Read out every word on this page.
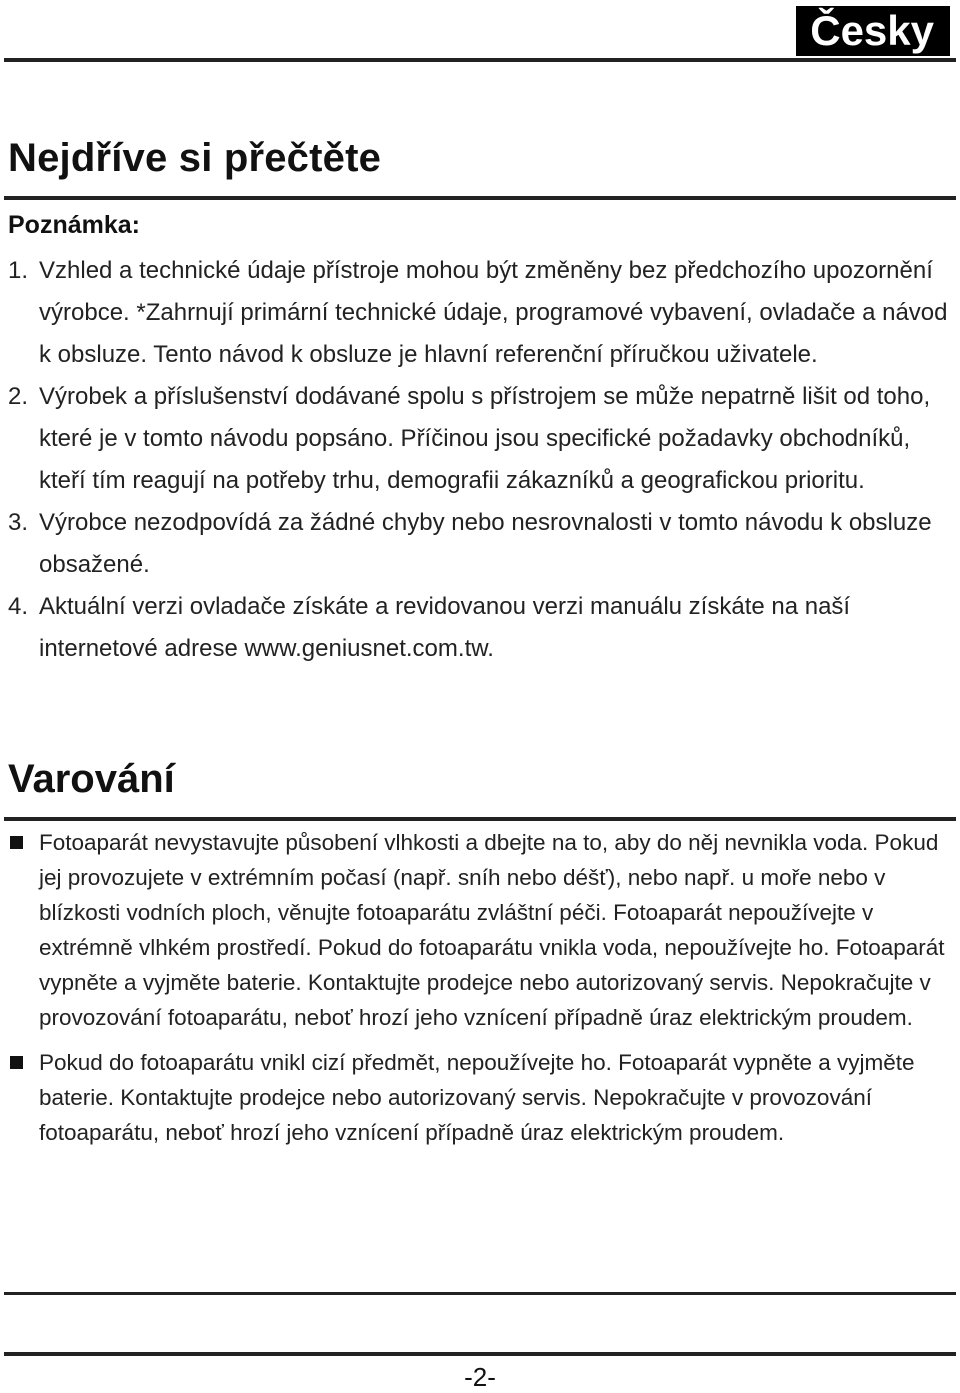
Česky
Nejdříve si přečtěte

Poznámka:

1. Vzhled a technické údaje přístroje mohou být změněny bez předchozího upozornění výrobce. *Zahrnují primární technické údaje, programové vybavení, ovladače a návod k obsluze. Tento návod k obsluze je hlavní referenční příručkou uživatele.
2. Výrobek a příslušenství dodávané spolu s přístrojem se může nepatrně lišit od toho, které je v tomto návodu popsáno. Příčinou jsou specifické požadavky obchodníků, kteří tím reagují na potřeby trhu, demografii zákazníků a geografickou prioritu.
3. Výrobce nezodpovídá za žádné chyby nebo nesrovnalosti v tomto návodu k obsluze obsažené.
4. Aktuální verzi ovladače získáte a revidovanou verzi manuálu získáte na naší internetové adrese www.geniusnet.com.tw.
Varování
Fotoaparát nevystavujte působení vlhkosti a dbejte na to, aby do něj nevnikla voda. Pokud jej provozujete v extrémním počasí (např. sníh nebo déšť), nebo např. u moře nebo v blízkosti vodních ploch, věnujte fotoaparátu zvláštní péči. Fotoaparát nepoužívejte v extrémně vlhkém prostředí. Pokud do fotoaparátu vnikla voda, nepoužívejte ho. Fotoaparát vypněte a vyjměte baterie. Kontaktujte prodejce nebo autorizovaný servis. Nepokračujte v provozování fotoaparátu, neboť hrozí jeho vznícení případně úraz elektrickým proudem.
Pokud do fotoaparátu vnikl cizí předmět, nepoužívejte ho. Fotoaparát vypněte a vyjměte baterie. Kontaktujte prodejce nebo autorizovaný servis. Nepokračujte v provozování fotoaparátu, neboť hrozí jeho vznícení případně úraz elektrickým proudem.
-2-
